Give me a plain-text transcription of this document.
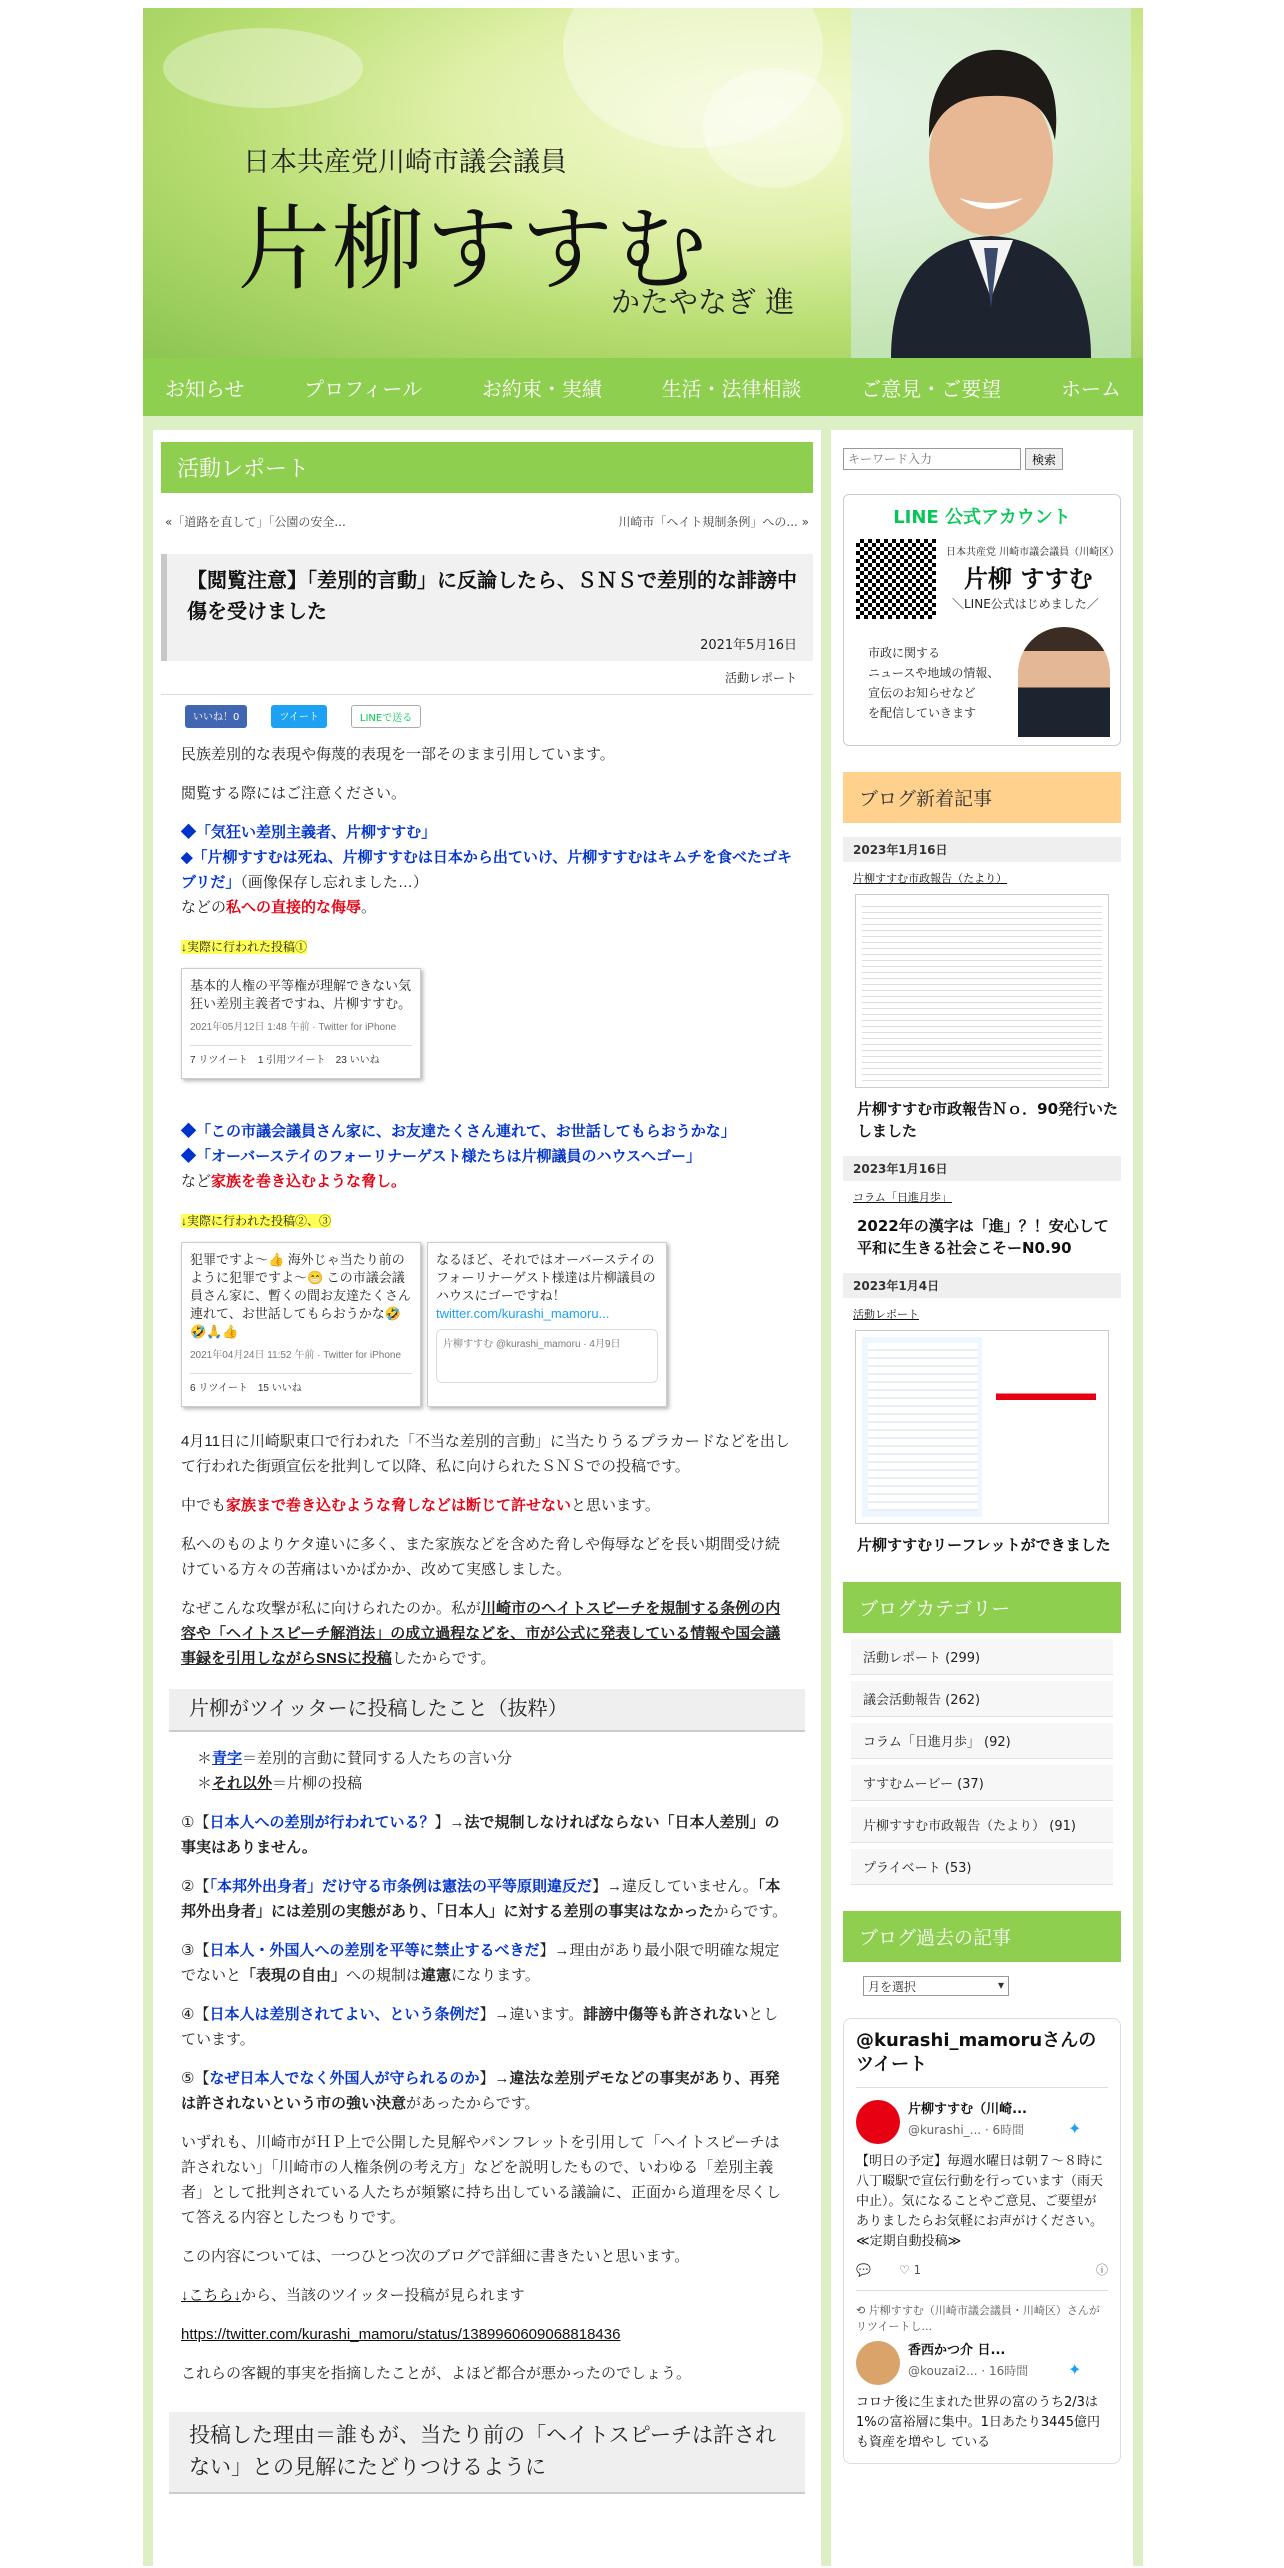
日本共産党川崎市議会議員
片柳すすむ
かたやなぎ 進
お知らせ	プロフィール	お約束・実績	生活・法律相談	ご意見・ご要望	ホーム
活動レポート
«「道路を直して」「公園の安全...	川崎市「ヘイト規制条例」への... »
【閲覧注意】「差別的言動」に反論したら、ＳＮＳで差別的な誹謗中傷を受けました
2021年5月16日
活動レポート
いいね！0	ツイート	LINEで送る

民族差別的な表現や侮蔑的表現を一部そのまま引用しています。

閲覧する際にはご注意ください。

◆「気狂い差別主義者、片柳すすむ」
◆「片柳すすむは死ね、片柳すすむは日本から出ていけ、片柳すすむはキムチを食べたゴキブリだ」（画像保存し忘れました…）
などの私への直接的な侮辱。

↓実際に行われた投稿①

基本的人権の平等権が理解できない気狂い差別主義者ですね、片柳すすむ。
2021年05月12日 1:48 午前 · Twitter for iPhone
7 リツイート　1 引用ツイート　23 いいね

◆「この市議会議員さん家に、お友達たくさん連れて、お世話してもらおうかな」
◆「オーバーステイのフォーリナーゲスト様たちは片柳議員のハウスへゴー」
など家族を巻き込むような脅し。

↓実際に行われた投稿②、③

犯罪ですよ〜👍 海外じゃ当たり前のように犯罪ですよ〜😁 この市議会議員さん家に、暫くの間お友達たくさん連れて、お世話してもらおうかな🤣🤣🙏👍
2021年04月24日 11:52 午前 · Twitter for iPhone
6 リツイート　15 いいね
なるほど、それではオーバーステイのフォーリナーゲスト様達は片柳議員のハウスにゴーですね！
twitter.com/kurashi_mamoru...
片柳すすむ @kurashi_mamoru · 4月9日

4月11日に川崎駅東口で行われた「不当な差別的言動」に当たりうるプラカードなどを出して行われた街頭宣伝を批判して以降、私に向けられたＳＮＳでの投稿です。

中でも家族まで巻き込むような脅しなどは断じて許せないと思います。

私へのものよりケタ違いに多く、また家族などを含めた脅しや侮辱などを長い期間受け続けている方々の苦痛はいかばかか、改めて実感しました。

なぜこんな攻撃が私に向けられたのか。私が川崎市のヘイトスピーチを規制する条例の内容や「ヘイトスピーチ解消法」の成立過程などを、市が公式に発表している情報や国会議事録を引用しながらSNSに投稿したからです。

片柳がツイッターに投稿したこと（抜粋）

＊青字＝差別的言動に賛同する人たちの言い分
＊それ以外＝片柳の投稿

①【日本人への差別が行われている？】→法で規制しなければならない「日本人差別」の事実はありません。

②【「本邦外出身者」だけ守る市条例は憲法の平等原則違反だ】→違反していません。「本邦外出身者」には差別の実態があり、「日本人」に対する差別の事実はなかったからです。

③【日本人・外国人への差別を平等に禁止するべきだ】→理由があり最小限で明確な規定でないと「表現の自由」への規制は違憲になります。

④【日本人は差別されてよい、という条例だ】→違います。誹謗中傷等も許されないとしています。

⑤【なぜ日本人でなく外国人が守られるのか】→違法な差別デモなどの事実があり、再発は許されないという市の強い決意があったからです。

いずれも、川崎市がＨＰ上で公開した見解やパンフレットを引用して「ヘイトスピーチは許されない」「川崎市の人権条例の考え方」などを説明したもので、いわゆる「差別主義者」として批判されている人たちが頻繁に持ち出している議論に、正面から道理を尽くして答える内容としたつもりです。

この内容については、一つひとつ次のブログで詳細に書きたいと思います。

↓こちら↓から、当該のツイッター投稿が見られます

https://twitter.com/kurashi_mamoru/status/1389960609068818436

これらの客観的事実を指摘したことが、よほど都合が悪かったのでしょう。

投稿した理由＝誰もが、当たり前の「ヘイトスピーチは許されない」との見解にたどりつけるように
キーワード入力
検索
LINE 公式アカウント
日本共産党 川崎市議会議員（川崎区）
片柳 すすむ
＼LINE公式はじめました／
市政に関する
ニュースや地域の情報、
宣伝のお知らせなど
を配信していきます
ブログ新着記事
2023年1月16日
片柳すすむ市政報告（たより）
片柳すすむ市政報告Ｎｏ．90発行いたしました
2023年1月16日
コラム「日進月歩」
2022年の漢字は「進」？！安心して平和に生きる社会こそーN0.90
2023年1月4日
活動レポート
片柳すすむリーフレットができました
ブログカテゴリー
活動レポート (299)
議会活動報告 (262)
コラム「日進月歩」 (92)
すすむムービー (37)
片柳すすむ市政報告（たより） (91)
プライベート (53)
ブログ過去の記事
月を選択	▾
@kurashi_mamoruさんのツイート
片柳すすむ（川崎...
@kurashi_... · 6時間	✦
【明日の予定】毎週水曜日は朝７～８時に八丁畷駅で宣伝行動を行っています（雨天中止）。気になることやご意見、ご要望がありましたらお気軽にお声がけください。≪定期自動投稿≫
💬 ♡ 1	ⓘ
⟲ 片柳すすむ（川崎市議会議員・川崎区）さんがリツイートし...
香西かつ介 日...
@kouzai2... · 16時間 ✦
コロナ後に生まれた世界の富のうち2/3は1%の富裕層に集中。1日あたり3445億円も資産を増やし ている
